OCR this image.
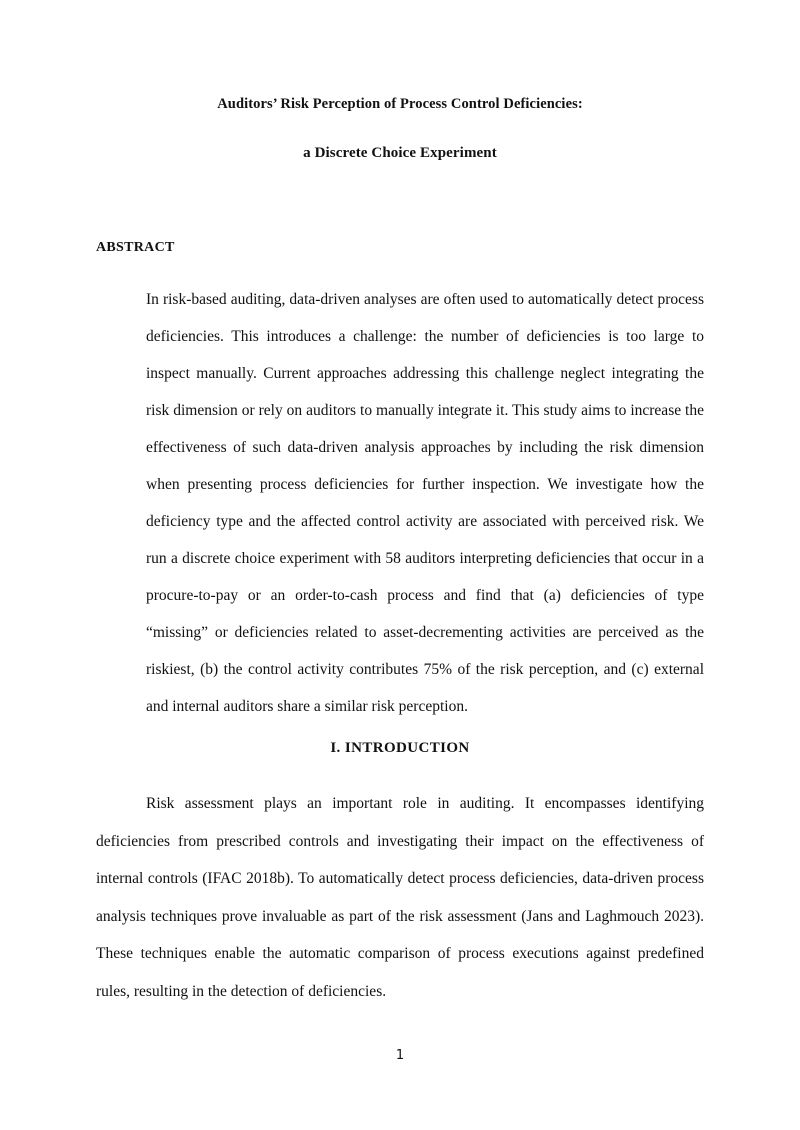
Auditors’ Risk Perception of Process Control Deficiencies:
a Discrete Choice Experiment
ABSTRACT

In risk-based auditing, data-driven analyses are often used to automatically detect process deficiencies. This introduces a challenge: the number of deficiencies is too large to inspect manually. Current approaches addressing this challenge neglect integrating the risk dimension or rely on auditors to manually integrate it. This study aims to increase the effectiveness of such data-driven analysis approaches by including the risk dimension when presenting process deficiencies for further inspection. We investigate how the deficiency type and the affected control activity are associated with perceived risk. We run a discrete choice experiment with 58 auditors interpreting deficiencies that occur in a procure-to-pay or an order-to-cash process and find that (a) deficiencies of type “missing” or deficiencies related to asset-decrementing activities are perceived as the riskiest, (b) the control activity contributes 75% of the risk perception, and (c) external and internal auditors share a similar risk perception.

I. INTRODUCTION

Risk assessment plays an important role in auditing. It encompasses identifying deficiencies from prescribed controls and investigating their impact on the effectiveness of internal controls (IFAC 2018b). To automatically detect process deficiencies, data-driven process analysis techniques prove invaluable as part of the risk assessment (Jans and Laghmouch 2023). These techniques enable the automatic comparison of process executions against predefined rules, resulting in the detection of deficiencies.

1
